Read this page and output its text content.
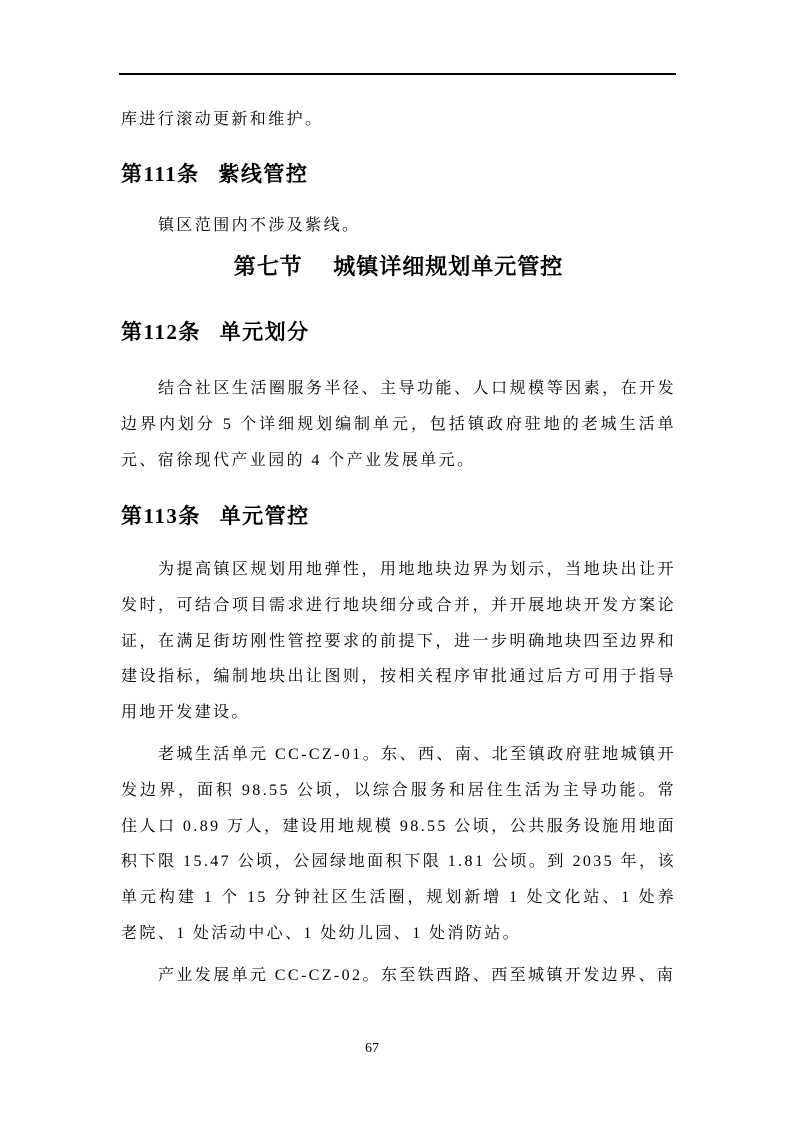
库进行滚动更新和维护。

第111条 紫线管控

镇区范围内不涉及紫线。

第七节 城镇详细规划单元管控
第112条 单元划分

结合社区生活圈服务半径、主导功能、人口规模等因素，在开发边界内划分 5 个详细规划编制单元，包括镇政府驻地的老城生活单元、宿徐现代产业园的 4 个产业发展单元。

第113条 单元管控

为提高镇区规划用地弹性，用地地块边界为划示，当地块出让开发时，可结合项目需求进行地块细分或合并，并开展地块开发方案论证，在满足街坊刚性管控要求的前提下，进一步明确地块四至边界和建设指标，编制地块出让图则，按相关程序审批通过后方可用于指导用地开发建设。

老城生活单元 CC-CZ-01。东、西、南、北至镇政府驻地城镇开发边界，面积 98.55 公顷，以综合服务和居住生活为主导功能。常住人口 0.89 万人，建设用地规模 98.55 公顷，公共服务设施用地面积下限 15.47 公顷，公园绿地面积下限 1.81 公顷。到 2035 年，该单元构建 1 个 15 分钟社区生活圈，规划新增 1 处文化站、1 处养老院、1 处活动中心、1 处幼儿园、1 处消防站。

产业发展单元 CC-CZ-02。东至铁西路、西至城镇开发边界、南

67
